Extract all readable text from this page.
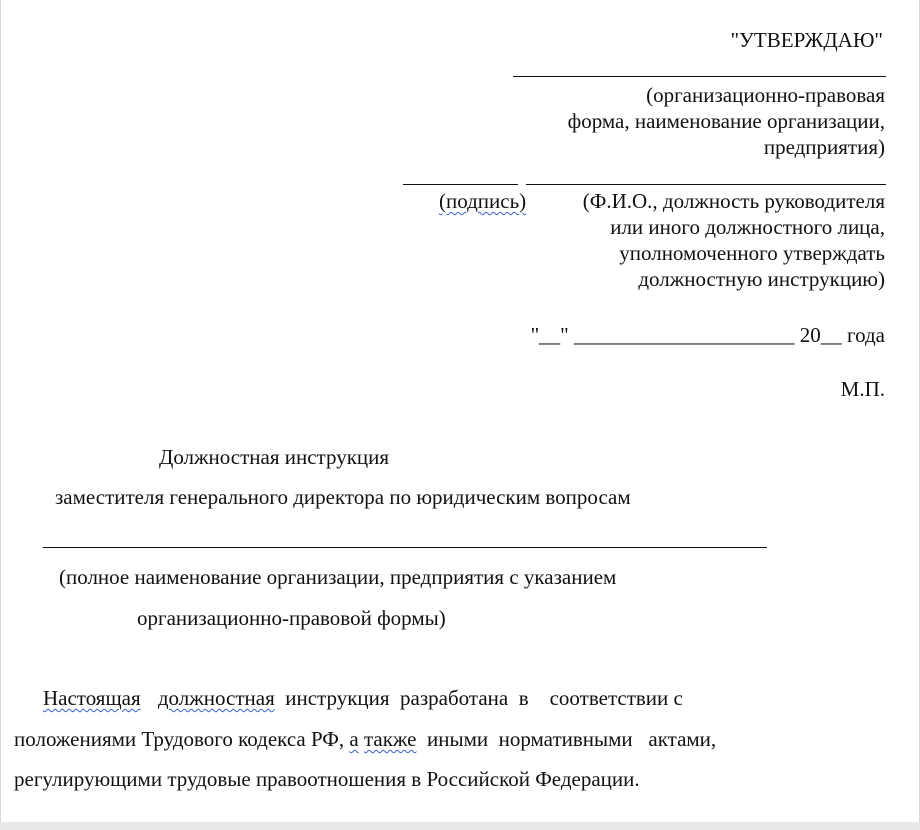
"УТВЕРЖДАЮ"
(организационно-правовая
форма, наименование организации,
предприятия)
(подпись)	(Ф.И.О., должность руководителя
или иного должностного лица,
уполномоченного утверждать
должностную инструкцию)
"__" _____________________ 20__ года
М.П.
Должностная инструкция
заместителя генерального директора по юридическим вопросам
(полное наименование организации, предприятия с указанием
организационно-правовой формы)
Настоящая должностная инструкция  разработана  в    соответствии с
положениями Трудового кодекса РФ, а также иными  нормативными   актами,
регулирующими трудовые правоотношения в Российской Федерации.
